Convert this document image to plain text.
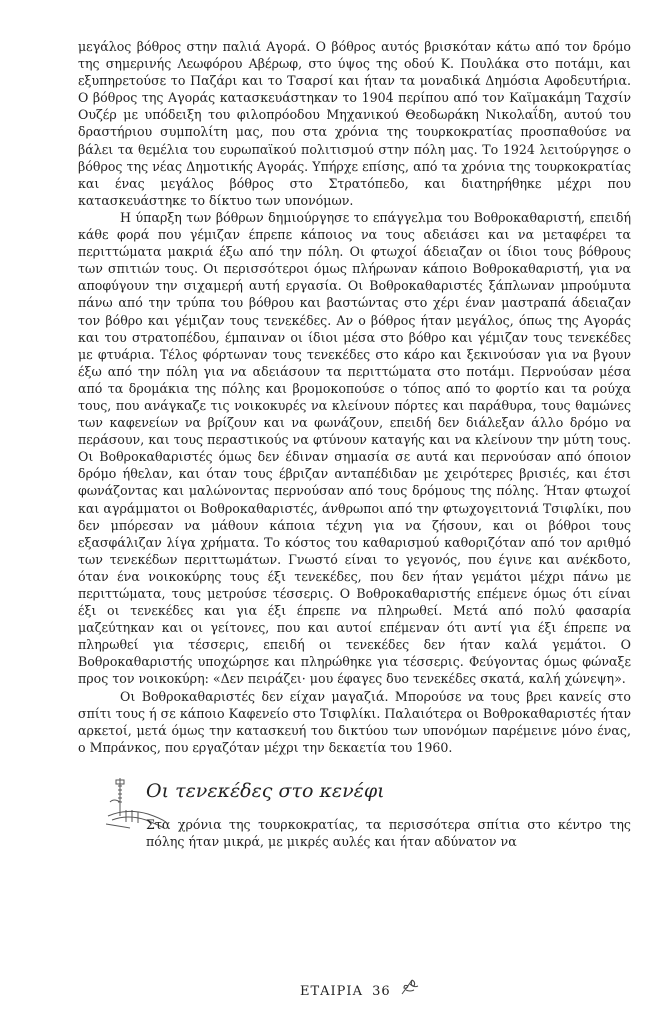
μεγάλος βόθρος στην παλιά Αγορά. Ο βόθρος αυτός βρισκόταν κάτω από τον δρόμο της σημερινής Λεωφόρου Αβέρωφ, στο ύψος της οδού Κ. Πουλάκα στο ποτάμι, και εξυπηρετούσε το Παζάρι και το Τσαρσί και ήταν τα μοναδικά Δημόσια Αφοδευτήρια. Ο βόθρος της Αγοράς κατασκευάστηκαν το 1904 περίπου από τον Καϊμακάμη Ταχσίν Ουζέρ με υπόδειξη του φιλοπρόοδου Μηχανικού Θεοδωράκη Νικολαΐδη, αυτού του δραστήριου συμπολίτη μας, που στα χρόνια της τουρκοκρατίας προσπαθούσε να βάλει τα θεμέλια του ευρωπαϊκού πολιτισμού στην πόλη μας. Το 1924 λειτούργησε ο βόθρος της νέας Δημοτικής Αγοράς. Υπήρχε επίσης, από τα χρόνια της τουρκοκρατίας και ένας μεγάλος βόθρος στο Στρατόπεδο, και διατηρήθηκε μέχρι που κατασκευάστηκε το δίκτυο των υπονόμων.

Η ύπαρξη των βόθρων δημιούργησε το επάγγελμα του Βοθροκαθαριστή, επειδή κάθε φορά που γέμιζαν έπρεπε κάποιος να τους αδειάσει και να μεταφέρει τα περιττώματα μακριά έξω από την πόλη. Οι φτωχοί άδειαζαν οι ίδιοι τους βόθρους των σπιτιών τους. Οι περισσότεροι όμως πλήρωναν κάποιο Βοθροκαθαριστή, για να αποφύγουν την σιχαμερή αυτή εργασία. Οι Βοθροκαθαριστές ξάπλωναν μπρούμυτα πάνω από την τρύπα του βόθρου και βαστώντας στο χέρι έναν μαστραπά άδειαζαν τον βόθρο και γέμιζαν τους τενεκέδες. Αν ο βόθρος ήταν μεγάλος, όπως της Αγοράς και του στρατοπέδου, έμπαιναν οι ίδιοι μέσα στο βόθρο και γέμιζαν τους τενεκέδες με φτυάρια. Τέλος φόρτωναν τους τενεκέδες στο κάρο και ξεκινούσαν για να βγουν έξω από την πόλη για να αδειάσουν τα περιττώματα στο ποτάμι. Περνούσαν μέσα από τα δρομάκια της πόλης και βρομοκοπούσε ο τόπος από το φορτίο και τα ρούχα τους, που ανάγκαζε τις νοικοκυρές να κλείνουν πόρτες και παράθυρα, τους θαμώνες των καφενείων να βρίζουν και να φωνάζουν, επειδή δεν διάλεξαν άλλο δρόμο να περάσουν, και τους περαστικούς να φτύνουν καταγής και να κλείνουν την μύτη τους. Οι Βοθροκαθαριστές όμως δεν έδιναν σημασία σε αυτά και περνούσαν από όποιον δρόμο ήθελαν, και όταν τους έβριζαν ανταπέδιδαν με χειρότερες βρισιές, και έτσι φωνάζοντας και μαλώνοντας περνούσαν από τους δρόμους της πόλης. Ήταν φτωχοί και αγράμματοι οι Βοθροκαθαριστές, άνθρωποι από την φτωχογειτονιά Τσιφλίκι, που δεν μπόρεσαν να μάθουν κάποια τέχνη για να ζήσουν, και οι βόθροι τους εξασφάλιζαν λίγα χρήματα. Το κόστος του καθαρισμού καθοριζόταν από τον αριθμό των τενεκέδων περιττωμάτων. Γνωστό είναι το γεγονός, που έγινε και ανέκδοτο, όταν ένα νοικοκύρης τους έξι τενεκέδες, που δεν ήταν γεμάτοι μέχρι πάνω με περιττώματα, τους μετρούσε τέσσερις. Ο Βοθροκαθαριστής επέμενε όμως ότι είναι έξι οι τενεκέδες και για έξι έπρεπε να πληρωθεί. Μετά από πολύ φασαρία μαζεύτηκαν και οι γείτονες, που και αυτοί επέμεναν ότι αντί για έξι έπρεπε να πληρωθεί για τέσσερις, επειδή οι τενεκέδες δεν ήταν καλά γεμάτοι. Ο Βοθροκαθαριστής υποχώρησε και πληρώθηκε για τέσσερις. Φεύγοντας όμως φώναξε προς τον νοικοκύρη: «Δεν πειράζει· μου έφαγες δυο τενεκέδες σκατά, καλή χώνεψη».

Οι Βοθροκαθαριστές δεν είχαν μαγαζιά. Μπορούσε να τους βρει κανείς στο σπίτι τους ή σε κάποιο Καφενείο στο Τσιφλίκι. Παλαιότερα οι Βοθροκαθαριστές ήταν αρκετοί, μετά όμως την κατασκευή του δικτύου των υπονόμων παρέμεινε μόνο ένας, ο Μπράνκος, που εργαζόταν μέχρι την δεκαετία του 1960.

Οι τενεκέδες στο κενέφι

Στα χρόνια της τουρκοκρατίας, τα περισσότερα σπίτια στο κέντρο της πόλης ήταν μικρά, με μικρές αυλές και ήταν αδύνατον να

ΕΤΑΙΡΙΑ 36
